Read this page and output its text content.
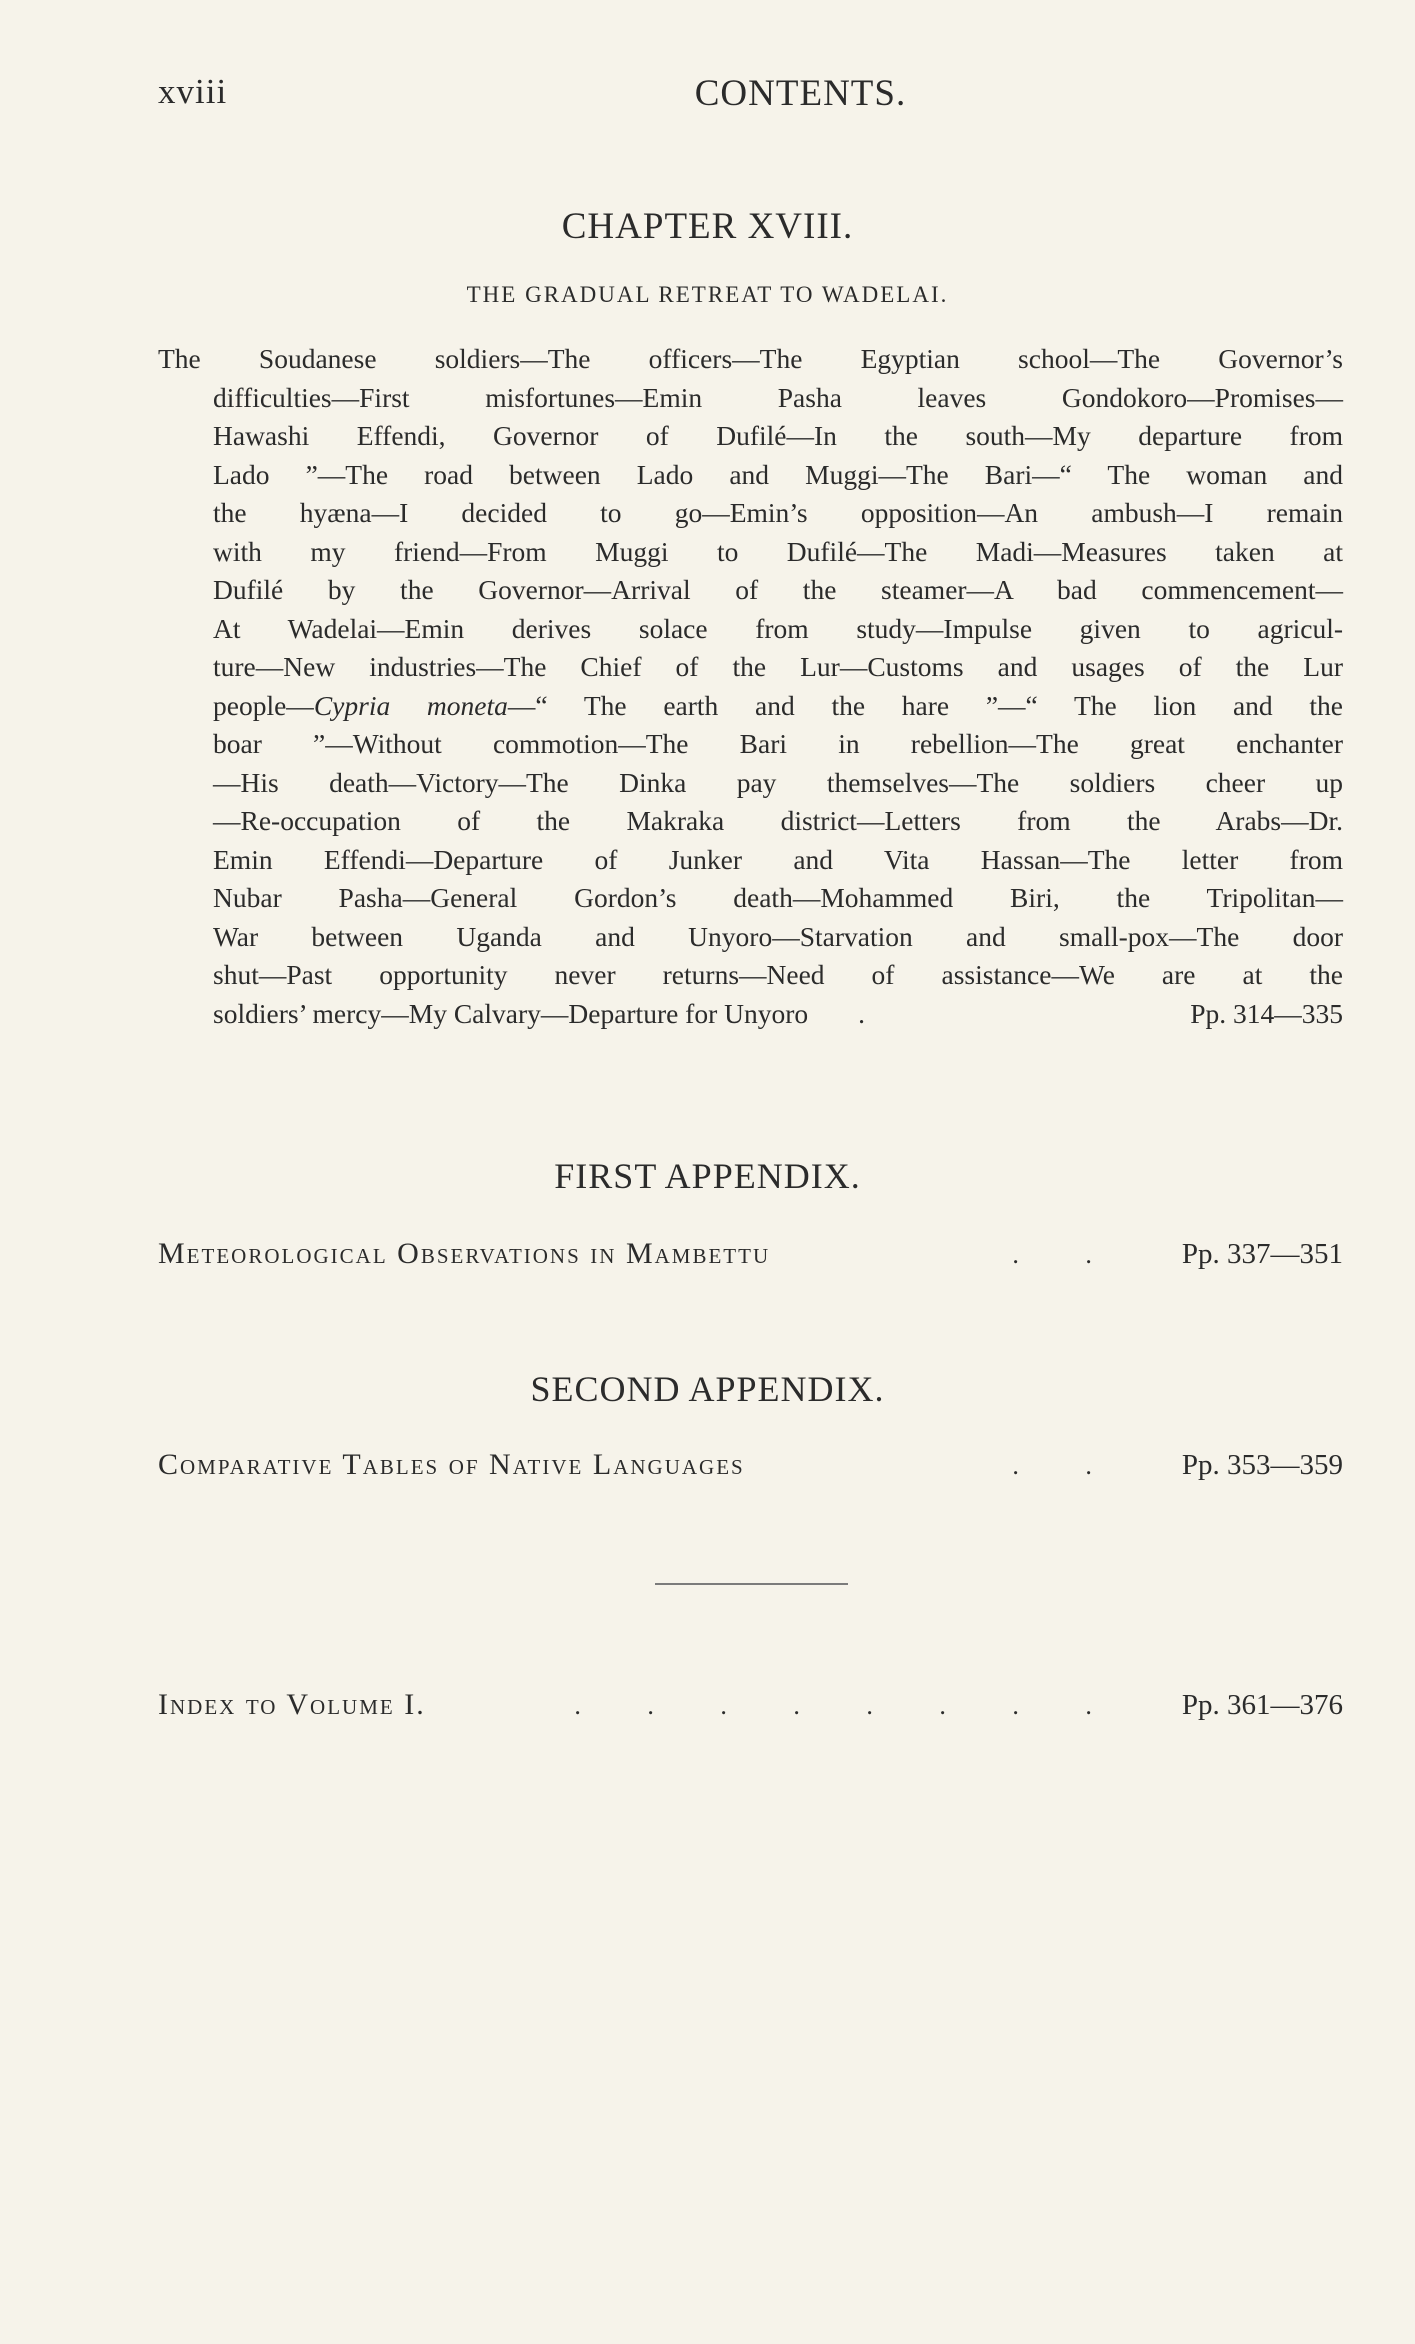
xviii	CONTENTS.
CHAPTER XVIII.
THE GRADUAL RETREAT TO WADELAI.
The Soudanese soldiers—The officers—The Egyptian school—The Governor’s
difficulties—First misfortunes—Emin Pasha leaves Gondokoro—Promises—
Hawashi Effendi, Governor of Dufilé—In the south—My departure from
Lado ”—The road between Lado and Muggi—The Bari—“ The woman and
the hyæna—I decided to go—Emin’s opposition—An ambush—I remain
with my friend—From Muggi to Dufilé—The Madi—Measures taken at
Dufilé by the Governor—Arrival of the steamer—A bad commencement—
At Wadelai—Emin derives solace from study—Impulse given to agricul-
ture—New industries—The Chief of the Lur—Customs and usages of the Lur
people—Cypria moneta—“ The earth and the hare ”—“ The lion and the
boar ”—Without commotion—The Bari in rebellion—The great enchanter
—His death—Victory—The Dinka pay themselves—The soldiers cheer up
—Re-occupation of the Makraka district—Letters from the Arabs—Dr.
Emin Effendi—Departure of Junker and Vita Hassan—The letter from
Nubar Pasha—General Gordon’s death—Mohammed Biri, the Tripolitan—
War between Uganda and Unyoro—Starvation and small-pox—The door
shut—Past opportunity never returns—Need of assistance—We are at the
soldiers’ mercy—My Calvary—Departure for Unyoro .	Pp. 314—335
FIRST APPENDIX.
Meteorological Observations in Mambettu	. .	Pp. 337—351
SECOND APPENDIX.
Comparative Tables of Native Languages	. .	Pp. 353—359
Index to Volume I.	. . . . . . . .	Pp. 361—376
